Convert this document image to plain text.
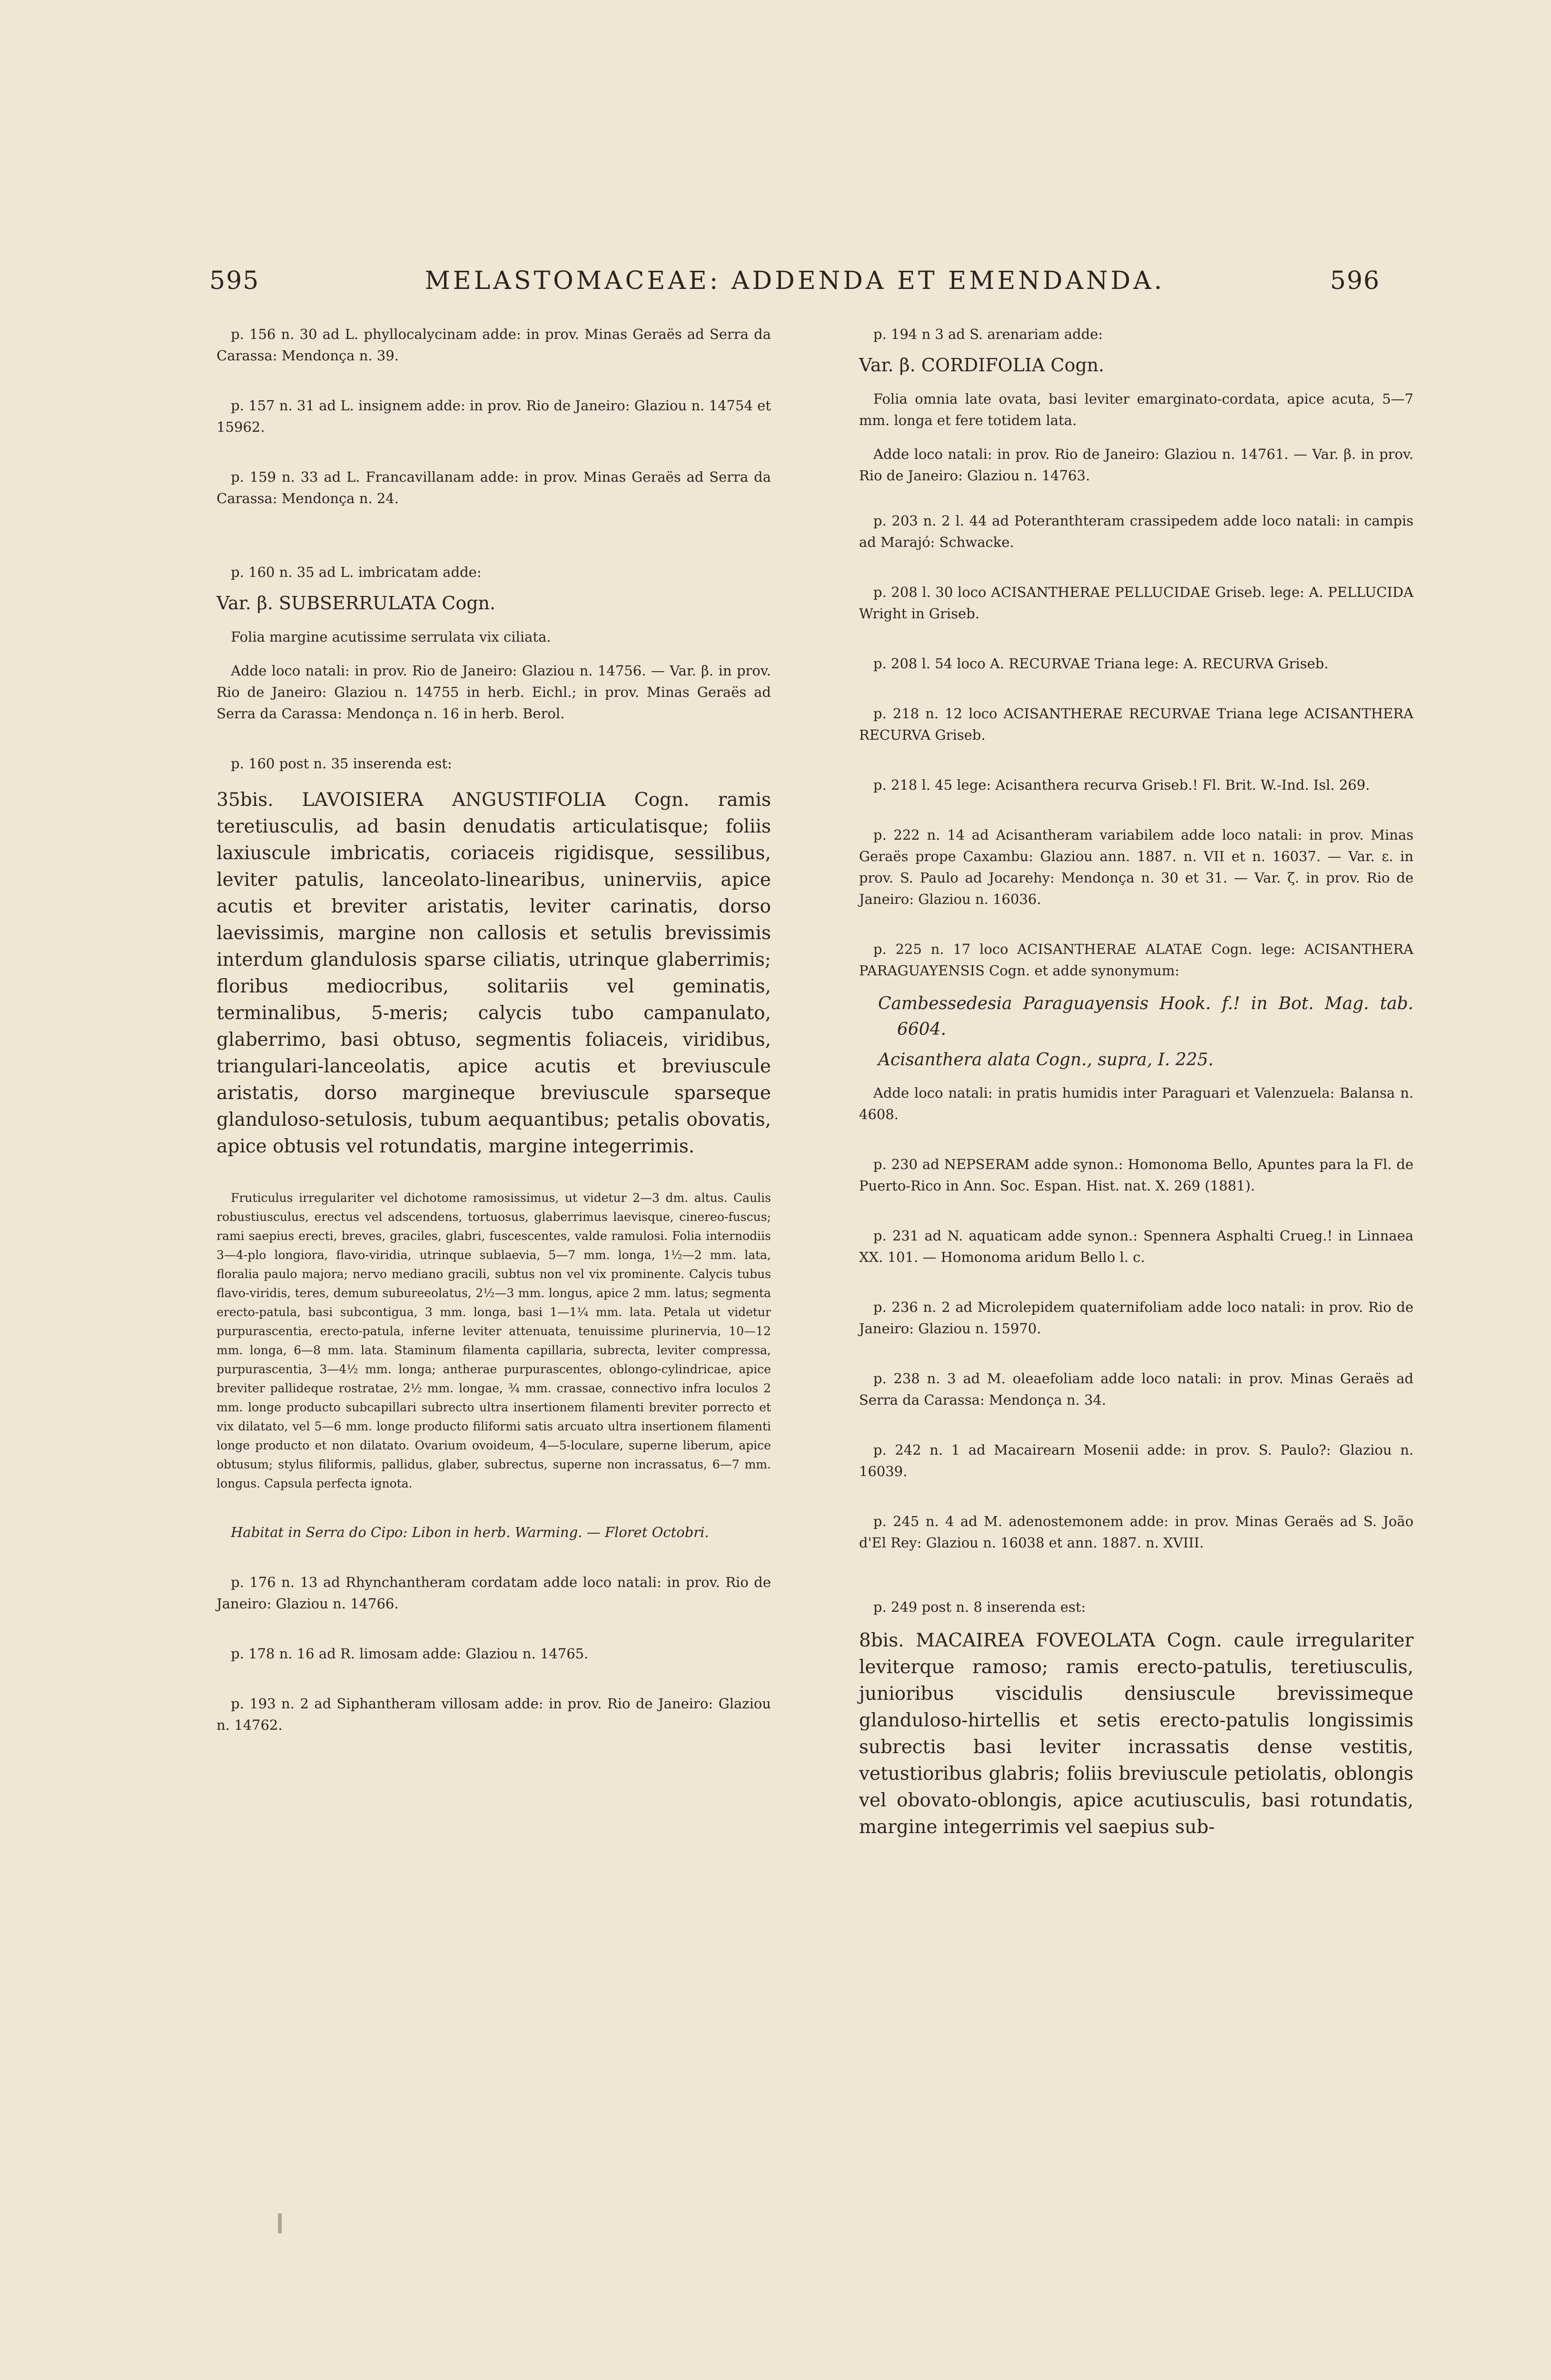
595	MELASTOMACEAE: ADDENDA ET EMENDANDA.	596

p. 156 n. 30 ad L. phyllocalycinam adde: in prov. Minas Geraës ad Serra da Carassa: Mendonça n. 39.

p. 157 n. 31 ad L. insignem adde: in prov. Rio de Janeiro: Glaziou n. 14754 et 15962.

p. 159 n. 33 ad L. Francavillanam adde: in prov. Minas Geraës ad Serra da Carassa: Mendonça n. 24.

p. 160 n. 35 ad L. imbricatam adde:

Var. β. SUBSERRULATA Cogn.

Folia margine acutissime serrulata vix ciliata.

Adde loco natali: in prov. Rio de Janeiro: Glaziou n. 14756. — Var. β. in prov. Rio de Janeiro: Glaziou n. 14755 in herb. Eichl.; in prov. Minas Geraës ad Serra da Carassa: Mendonça n. 16 in herb. Berol.

p. 160 post n. 35 inserenda est:

35bis. LAVOISIERA ANGUSTIFOLIA Cogn. ramis teretiusculis, ad basin denudatis articulatisque; foliis laxiuscule imbricatis, coriaceis rigidisque, sessilibus, leviter patulis, lanceolato-linearibus, uninerviis, apice acutis et breviter aristatis, leviter carinatis, dorso laevissimis, margine non callosis et setulis brevissimis interdum glandulosis sparse ciliatis, utrinque glaberrimis; floribus mediocribus, solitariis vel geminatis, terminalibus, 5-meris; calycis tubo campanulato, glaberrimo, basi obtuso, segmentis foliaceis, viridibus, triangulari-lanceolatis, apice acutis et breviuscule aristatis, dorso margineque breviuscule sparseque glanduloso-setulosis, tubum aequantibus; petalis obovatis, apice obtusis vel rotundatis, margine integerrimis.
Fruticulus irregulariter vel dichotome ramosissimus, ut videtur 2—3 dm. altus. Caulis robustiusculus, erectus vel adscendens, tortuosus, glaberrimus laevisque, cinereo-fuscus; rami saepius erecti, breves, graciles, glabri, fuscescentes, valde ramulosi. Folia internodiis 3—4-plo longiora, flavo-viridia, utrinque sublaevia, 5—7 mm. longa, 1½—2 mm. lata, floralia paulo majora; nervo mediano gracili, subtus non vel vix prominente. Calycis tubus flavo-viridis, teres, demum subureeolatus, 2½—3 mm. longus, apice 2 mm. latus; segmenta erecto-patula, basi subcontigua, 3 mm. longa, basi 1—1¼ mm. lata. Petala ut videtur purpurascentia, erecto-patula, inferne leviter attenuata, tenuissime plurinervia, 10—12 mm. longa, 6—8 mm. lata. Staminum filamenta capillaria, subrecta, leviter compressa, purpurascentia, 3—4½ mm. longa; antherae purpurascentes, oblongo-cylindricae, apice breviter pallideque rostratae, 2½ mm. longae, ¾ mm. crassae, connectivo infra loculos 2 mm. longe producto subcapillari subrecto ultra insertionem filamenti breviter porrecto et vix dilatato, vel 5—6 mm. longe producto filiformi satis arcuato ultra insertionem filamenti longe producto et non dilatato. Ovarium ovoideum, 4—5-loculare, superne liberum, apice obtusum; stylus filiformis, pallidus, glaber, subrectus, superne non incrassatus, 6—7 mm. longus. Capsula perfecta ignota.
Habitat in Serra do Cipo: Libon in herb. Warming. — Floret Octobri.

p. 176 n. 13 ad Rhynchantheram cordatam adde loco natali: in prov. Rio de Janeiro: Glaziou n. 14766.

p. 178 n. 16 ad R. limosam adde: Glaziou n. 14765.

p. 193 n. 2 ad Siphantheram villosam adde: in prov. Rio de Janeiro: Glaziou n. 14762.

p. 194 n 3 ad S. arenariam adde:

Var. β. CORDIFOLIA Cogn.

Folia omnia late ovata, basi leviter emarginato-cordata, apice acuta, 5—7 mm. longa et fere totidem lata.

Adde loco natali: in prov. Rio de Janeiro: Glaziou n. 14761. — Var. β. in prov. Rio de Janeiro: Glaziou n. 14763.

p. 203 n. 2 l. 44 ad Poteranthteram crassipedem adde loco natali: in campis ad Marajó: Schwacke.

p. 208 l. 30 loco ACISANTHERAE PELLUCIDAE Griseb. lege: A. PELLUCIDA Wright in Griseb.

p. 208 l. 54 loco A. RECURVAE Triana lege: A. RECURVA Griseb.

p. 218 n. 12 loco ACISANTHERAE RECURVAE Triana lege ACISANTHERA RECURVA Griseb.

p. 218 l. 45 lege: Acisanthera recurva Griseb.! Fl. Brit. W.-Ind. Isl. 269.

p. 222 n. 14 ad Acisantheram variabilem adde loco natali: in prov. Minas Geraës prope Caxambu: Glaziou ann. 1887. n. VII et n. 16037. — Var. ε. in prov. S. Paulo ad Jocarehy: Mendonça n. 30 et 31. — Var. ζ. in prov. Rio de Janeiro: Glaziou n. 16036.

p. 225 n. 17 loco ACISANTHERAE ALATAE Cogn. lege: ACISANTHERA PARAGUAYENSIS Cogn. et adde synonymum:

Cambessedesia Paraguayensis Hook. f.! in Bot. Mag. tab. 6604.
Acisanthera alata Cogn., supra, I. 225.

Adde loco natali: in pratis humidis inter Paraguari et Valenzuela: Balansa n. 4608.

p. 230 ad NEPSERAM adde synon.: Homonoma Bello, Apuntes para la Fl. de Puerto-Rico in Ann. Soc. Espan. Hist. nat. X. 269 (1881).

p. 231 ad N. aquaticam adde synon.: Spennera Asphalti Crueg.! in Linnaea XX. 101. — Homonoma aridum Bello l. c.

p. 236 n. 2 ad Microlepidem quaternifoliam adde loco natali: in prov. Rio de Janeiro: Glaziou n. 15970.

p. 238 n. 3 ad M. oleaefoliam adde loco natali: in prov. Minas Geraës ad Serra da Carassa: Mendonça n. 34.

p. 242 n. 1 ad Macairearn Mosenii adde: in prov. S. Paulo?: Glaziou n. 16039.

p. 245 n. 4 ad M. adenostemonem adde: in prov. Minas Geraës ad S. João d'El Rey: Glaziou n. 16038 et ann. 1887. n. XVIII.

p. 249 post n. 8 inserenda est:

8bis. MACAIREA FOVEOLATA Cogn. caule irregulariter leviterque ramoso; ramis erecto-patulis, teretiusculis, junioribus viscidulis densiuscule brevissimeque glanduloso-hirtellis et setis erecto-patulis longissimis subrectis basi leviter incrassatis dense vestitis, vetustioribus glabris; foliis breviuscule petiolatis, oblongis vel obovato-oblongis, apice acutiusculis, basi rotundatis, margine integerrimis vel saepius sub-
